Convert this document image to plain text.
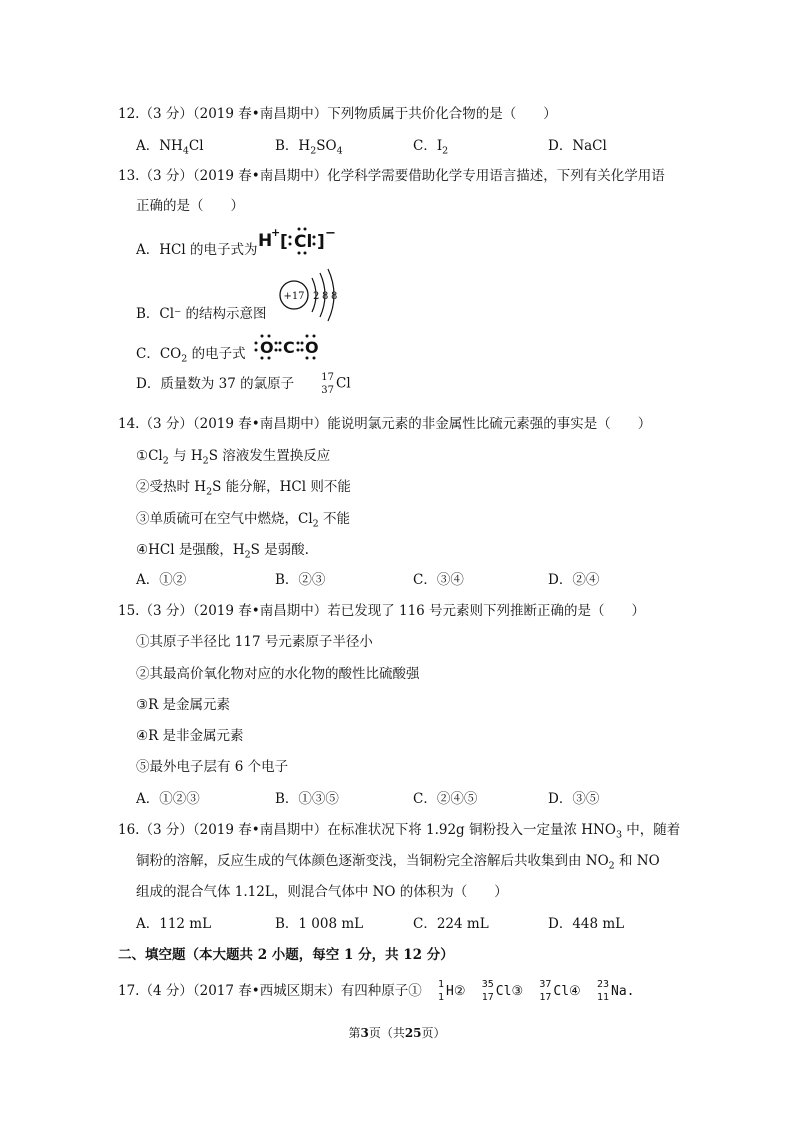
12.（3 分）（2019 春•南昌期中）下列物质属于共价化合物的是（　　）
A．$NH_4Cl$	B．$H_2SO_4$	C．$I_2$	D．NaCl
13.（3 分）（2019 春•南昌期中）化学科学需要借助化学专用语言描述，下列有关化学用语
正确的是（　　）
A．HCl 的电子式为 H
+ [ Cl ] −
B．Cl⁻ 的结构示意图
+17 2 8 8
C．$CO_2$ 的电子式 O C O
D．质量数为 37 的氯原子	17
37 Cl
14.（3 分）（2019 春•南昌期中）能说明氯元素的非金属性比硫元素强的事实是（　　）
$①Cl_2$ 与 $H_2S$ 溶液发生置换反应
②受热时 $H_2S$ 能分解，HCl 则不能
③单质硫可在空气中燃烧，$Cl_2$ 不能
④HCl 是强酸，$H_2S$ 是弱酸.
A．①②	B．②③	C．③④	D．②④
15.（3 分）（2019 春•南昌期中）若已发现了 116 号元素则下列推断正确的是（　　）
①其原子半径比 117 号元素原子半径小
②其最高价氧化物对应的水化物的酸性比硫酸强
③R 是金属元素
④R 是非金属元素
⑤最外电子层有 6 个电子
A．①②③	B．①③⑤	C．②④⑤	D．③⑤
16.（3 分）（2019 春•南昌期中）在标准状况下将 1.92g 铜粉投入一定量浓 $HNO_3$ 中，随着
铜粉的溶解，反应生成的气体颜色逐渐变浅，当铜粉完全溶解后共收集到由 $NO_2$ 和 NO
组成的混合气体 1.12L，则混合气体中 NO 的体积为（　　）
A．112 mL	B．1 008 mL	C．224 mL	D．448 mL
二、填空题（本大题共 2 小题，每空 1 分，共 12 分）
17.（4 分）（2017 春•西城区期末）有四种原子① 1
1 H② 35
17 Cl③ 37
17 Cl④ 23
11 Na.
第3页（共25页）
